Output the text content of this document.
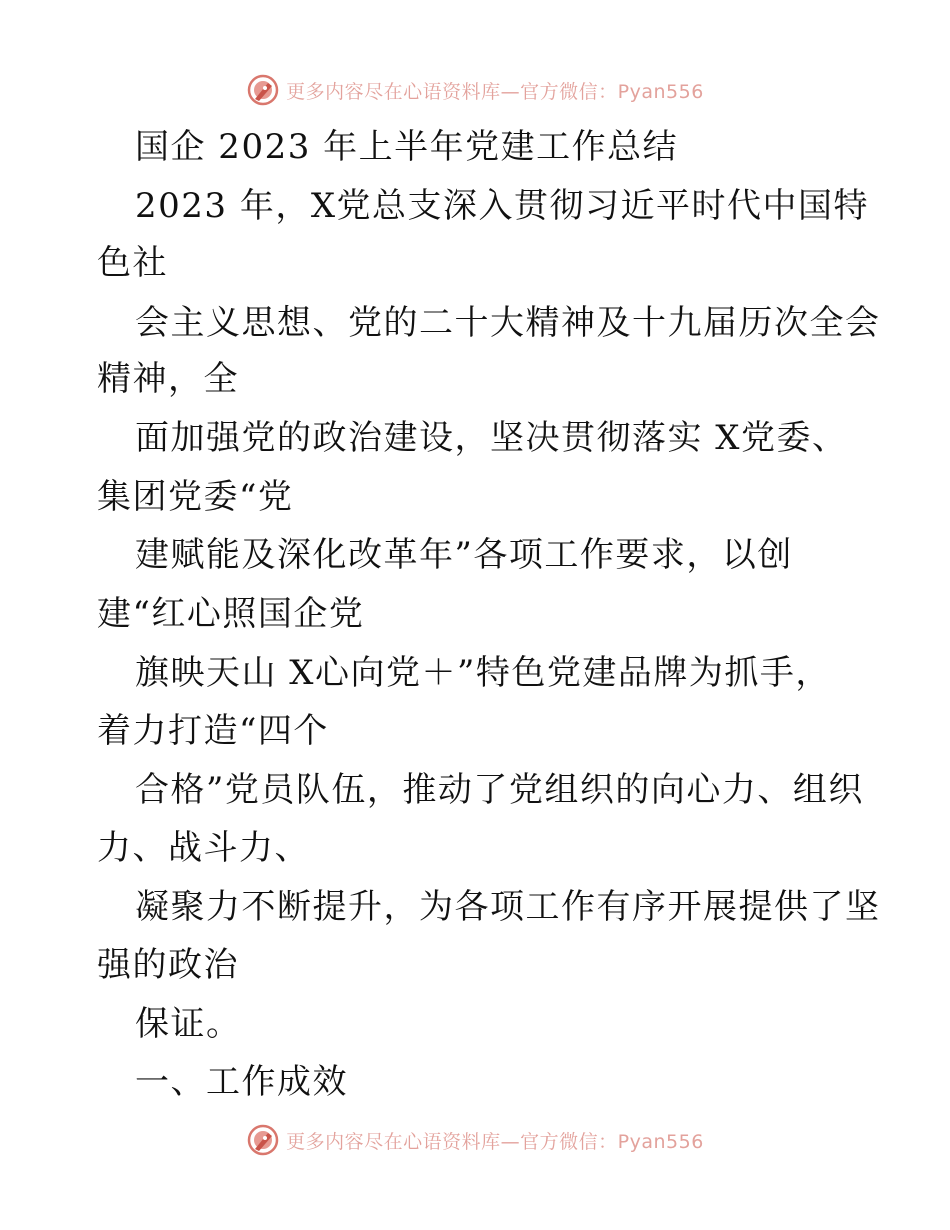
更多内容尽在心语资料库—官方微信：Pyan556
国企 2023 年上半年党建工作总结
2023 年，X党总支深入贯彻习近平时代中国特
色社
会主义思想、党的二十大精神及十九届历次全会
精神，全
面加强党的政治建设，坚决贯彻落实 X党委、
集团党委“党
建赋能及深化改革年”各项工作要求，以创
建“红心照国企党
旗映天山 X心向党＋”特色党建品牌为抓手，
着力打造“四个
合格”党员队伍，推动了党组织的向心力、组织
力、战斗力、
凝聚力不断提升，为各项工作有序开展提供了坚
强的政治
保证。
一、工作成效
更多内容尽在心语资料库—官方微信：Pyan556
